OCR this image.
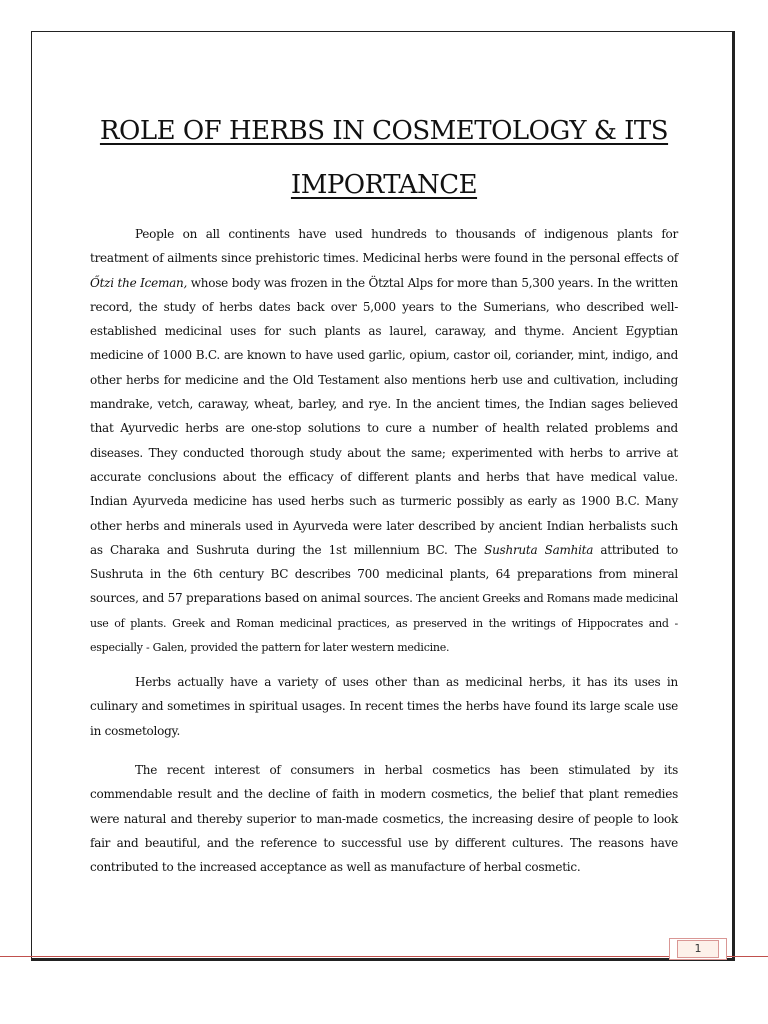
ROLE OF HERBS IN COSMETOLOGY & ITS
IMPORTANCE

People on all continents have used hundreds to thousands of indigenous plants for treatment of ailments since prehistoric times. Medicinal herbs were found in the personal effects of Őtzi the Iceman, whose body was frozen in the Ötztal Alps for more than 5,300 years. In the written record, the study of herbs dates back over 5,000 years to the Sumerians, who described well-established medicinal uses for such plants as laurel, caraway, and thyme. Ancient Egyptian medicine of 1000 B.C. are known to have used garlic, opium, castor oil, coriander, mint, indigo, and other herbs for medicine and the Old Testament also mentions herb use and cultivation, including mandrake, vetch, caraway, wheat, barley, and rye. In the ancient times, the Indian sages believed that Ayurvedic herbs are one-stop solutions to cure a number of health related problems and diseases. They conducted thorough study about the same; experimented with herbs to arrive at accurate conclusions about the efficacy of different plants and herbs that have medical value. Indian Ayurveda medicine has used herbs such as turmeric possibly as early as 1900 B.C. Many other herbs and minerals used in Ayurveda were later described by ancient Indian herbalists such as Charaka and Sushruta during the 1st millennium BC. The Sushruta Samhita attributed to Sushruta in the 6th century BC describes 700 medicinal plants, 64 preparations from mineral sources, and 57 preparations based on animal sources. The ancient Greeks and Romans made medicinal use of plants. Greek and Roman medicinal practices, as preserved in the writings of Hippocrates and - especially - Galen, provided the pattern for later western medicine.

Herbs actually have a variety of uses other than as medicinal herbs, it has its uses in culinary and sometimes in spiritual usages. In recent times the herbs have found its large scale use in cosmetology.

The recent interest of consumers in herbal cosmetics has been stimulated by its commendable result and the decline of faith in modern cosmetics, the belief that plant remedies were natural and thereby superior to man-made cosmetics, the increasing desire of people to look fair and beautiful, and the reference to successful use by different cultures. The reasons have contributed to the increased acceptance as well as manufacture of herbal cosmetic.

1
